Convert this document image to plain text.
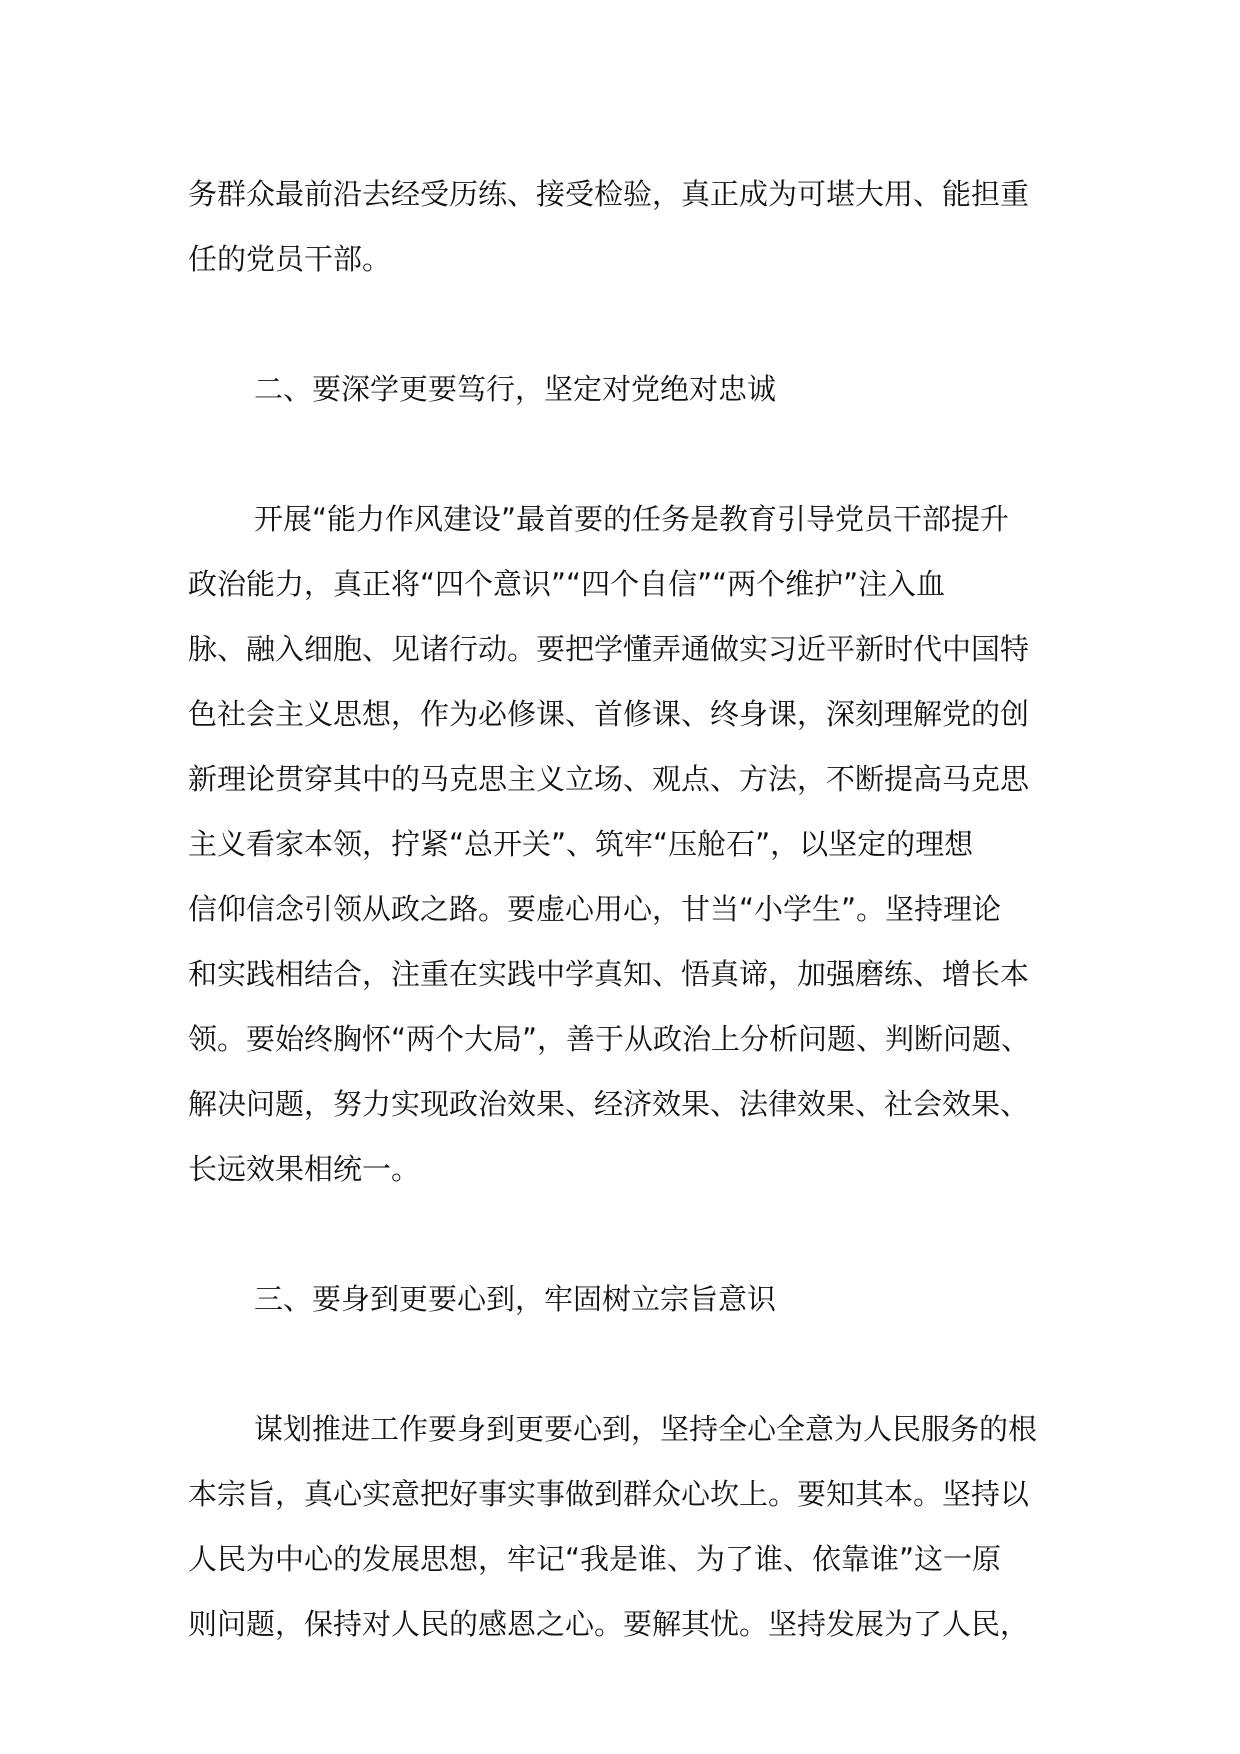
务群众最前沿去经受历练、接受检验，真正成为可堪大用、能担重
任的党员干部。
二、要深学更要笃行，坚定对党绝对忠诚
开展“能力作风建设”最首要的任务是教育引导党员干部提升
政治能力，真正将“四个意识”“四个自信”“两个维护”注入血
脉、融入细胞、见诸行动。要把学懂弄通做实习近平新时代中国特
色社会主义思想，作为必修课、首修课、终身课，深刻理解党的创
新理论贯穿其中的马克思主义立场、观点、方法，不断提高马克思
主义看家本领，拧紧“总开关”、筑牢“压舱石”，以坚定的理想
信仰信念引领从政之路。要虚心用心，甘当“小学生”。坚持理论
和实践相结合，注重在实践中学真知、悟真谛，加强磨练、增长本
领。要始终胸怀“两个大局”，善于从政治上分析问题、判断问题、
解决问题，努力实现政治效果、经济效果、法律效果、社会效果、
长远效果相统一。
三、要身到更要心到，牢固树立宗旨意识
谋划推进工作要身到更要心到，坚持全心全意为人民服务的根
本宗旨，真心实意把好事实事做到群众心坎上。要知其本。坚持以
人民为中心的发展思想，牢记“我是谁、为了谁、依靠谁”这一原
则问题，保持对人民的感恩之心。要解其忧。坚持发展为了人民，
